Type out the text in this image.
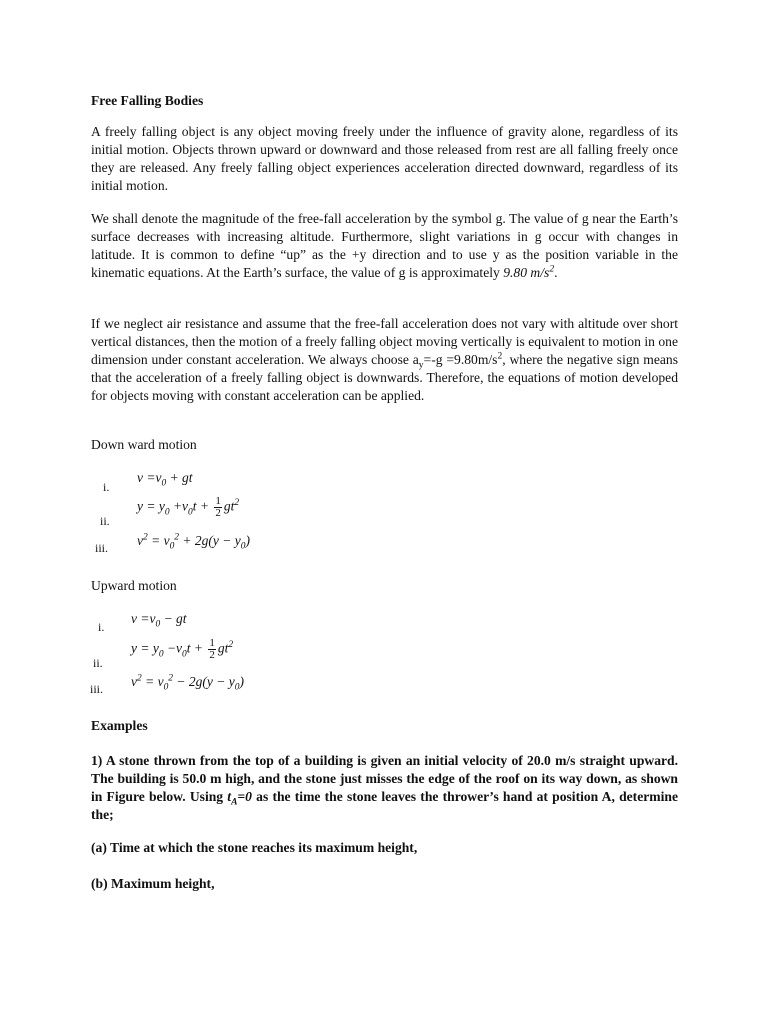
Free Falling Bodies
A freely falling object is any object moving freely under the influence of gravity alone, regardless of its initial motion. Objects thrown upward or downward and those released from rest are all falling freely once they are released. Any freely falling object experiences acceleration directed downward, regardless of its initial motion.
We shall denote the magnitude of the free-fall acceleration by the symbol g. The value of g near the Earth’s surface decreases with increasing altitude. Furthermore, slight variations in g occur with changes in latitude. It is common to define “up” as the +y direction and to use y as the position variable in the kinematic equations. At the Earth’s surface, the value of g is approximately 9.80 $m/s^2$.
If we neglect air resistance and assume that the free-fall acceleration does not vary with altitude over short vertical distances, then the motion of a freely falling object moving vertically is equivalent to motion in one dimension under constant acceleration. We always choose $a_y=-g =9.80m/s^2$, where the negative sign means that the acceleration of a freely falling object is downwards. Therefore, the equations of motion developed for objects moving with constant acceleration can be applied.
Down ward motion
i.
$v =v_0$ + gt
ii.
$y = y_0 +v_0t + \frac{1}{2} gt^2$
iii. $v^2 = v_0^2 + 2g(y - y_0)$
Upward motion
i.
$v =v_0$ − gt
ii.
$y = y_0 -v_0t + \frac{1}{2} gt^2$
iii. $v^2 = v_0^2 - 2g(y - y_0)$
Examples
1) A stone thrown from the top of a building is given an initial velocity of 20.0 m/s straight upward. The building is 50.0 m high, and the stone just misses the edge of the roof on its way down, as shown in Figure below. Using $t_A=0$ as the time the stone leaves the thrower’s hand at position A, determine the;
(a) Time at which the stone reaches its maximum height,
(b) Maximum height,
